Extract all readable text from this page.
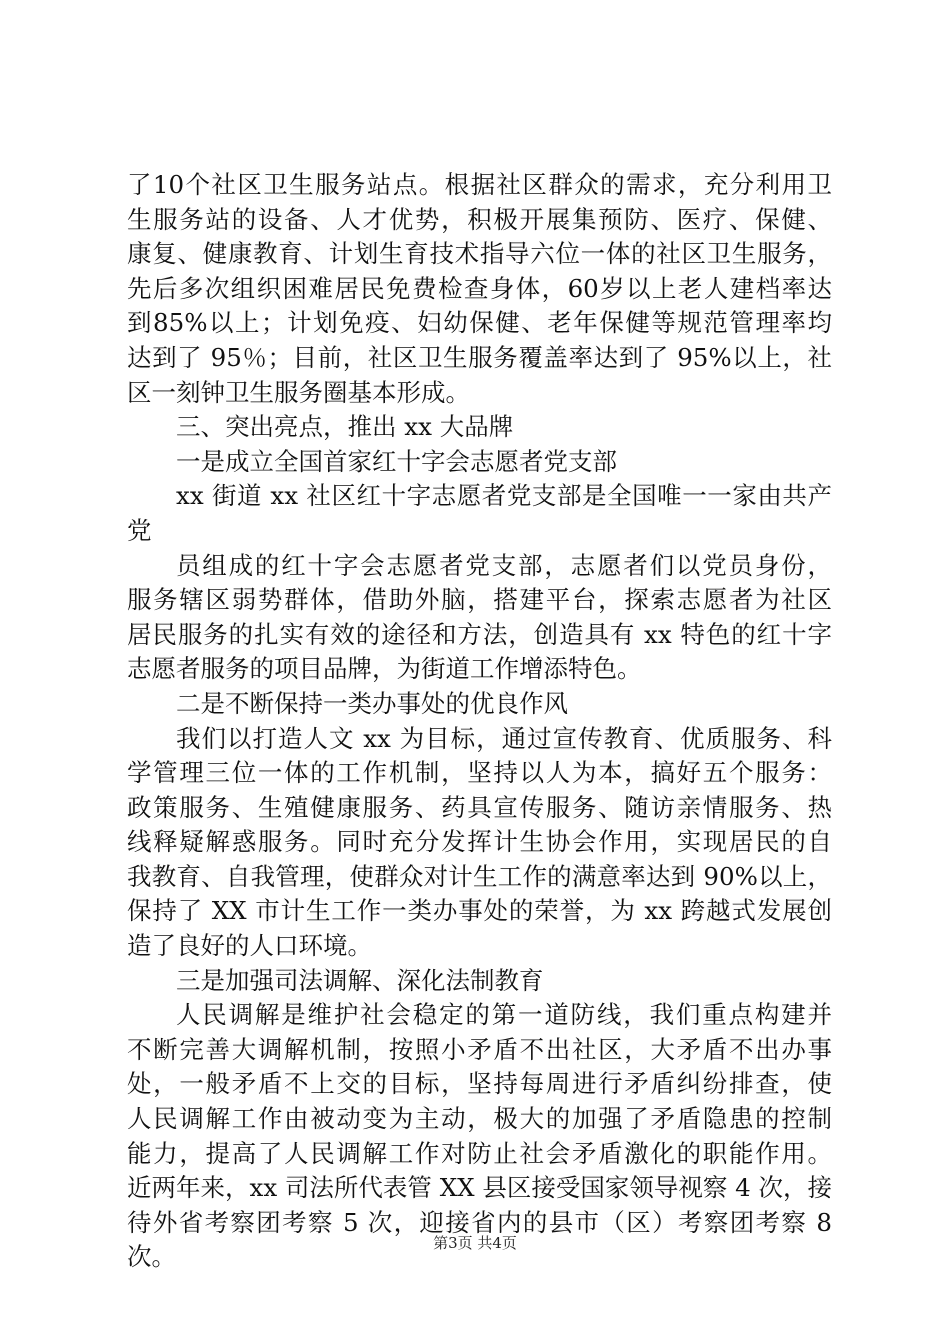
了10个社区卫生服务站点。根据社区群众的需求，充分利用卫

生服务站的设备、人才优势，积极开展集预防、医疗、保健、

康复、健康教育、计划生育技术指导六位一体的社区卫生服务，

先后多次组织困难居民免费检查身体，60岁以上老人建档率达

到85%以上；计划免疫、妇幼保健、老年保健等规范管理率均

达到了 95％；目前，社区卫生服务覆盖率达到了 95%以上，社

区一刻钟卫生服务圈基本形成。

三、突出亮点，推出 xx 大品牌

一是成立全国首家红十字会志愿者党支部

xx 街道 xx 社区红十字志愿者党支部是全国唯一一家由共产

党

员组成的红十字会志愿者党支部，志愿者们以党员身份，

服务辖区弱势群体，借助外脑，搭建平台，探索志愿者为社区

居民服务的扎实有效的途径和方法，创造具有 xx 特色的红十字

志愿者服务的项目品牌，为街道工作增添特色。

二是不断保持一类办事处的优良作风

我们以打造人文 xx 为目标，通过宣传教育、优质服务、科

学管理三位一体的工作机制，坚持以人为本，搞好五个服务：

政策服务、生殖健康服务、药具宣传服务、随访亲情服务、热

线释疑解惑服务。同时充分发挥计生协会作用，实现居民的自

我教育、自我管理，使群众对计生工作的满意率达到 90%以上，

保持了 XX 市计生工作一类办事处的荣誉，为 xx 跨越式发展创

造了良好的人口环境。

三是加强司法调解、深化法制教育

人民调解是维护社会稳定的第一道防线，我们重点构建并

不断完善大调解机制，按照小矛盾不出社区，大矛盾不出办事

处，一般矛盾不上交的目标，坚持每周进行矛盾纠纷排查，使

人民调解工作由被动变为主动，极大的加强了矛盾隐患的控制

能力，提高了人民调解工作对防止社会矛盾激化的职能作用。

近两年来，xx 司法所代表管 XX 县区接受国家领导视察 4 次，接

待外省考察团考察 5 次，迎接省内的县市（区）考察团考察 8

次。	第3页 共4页
